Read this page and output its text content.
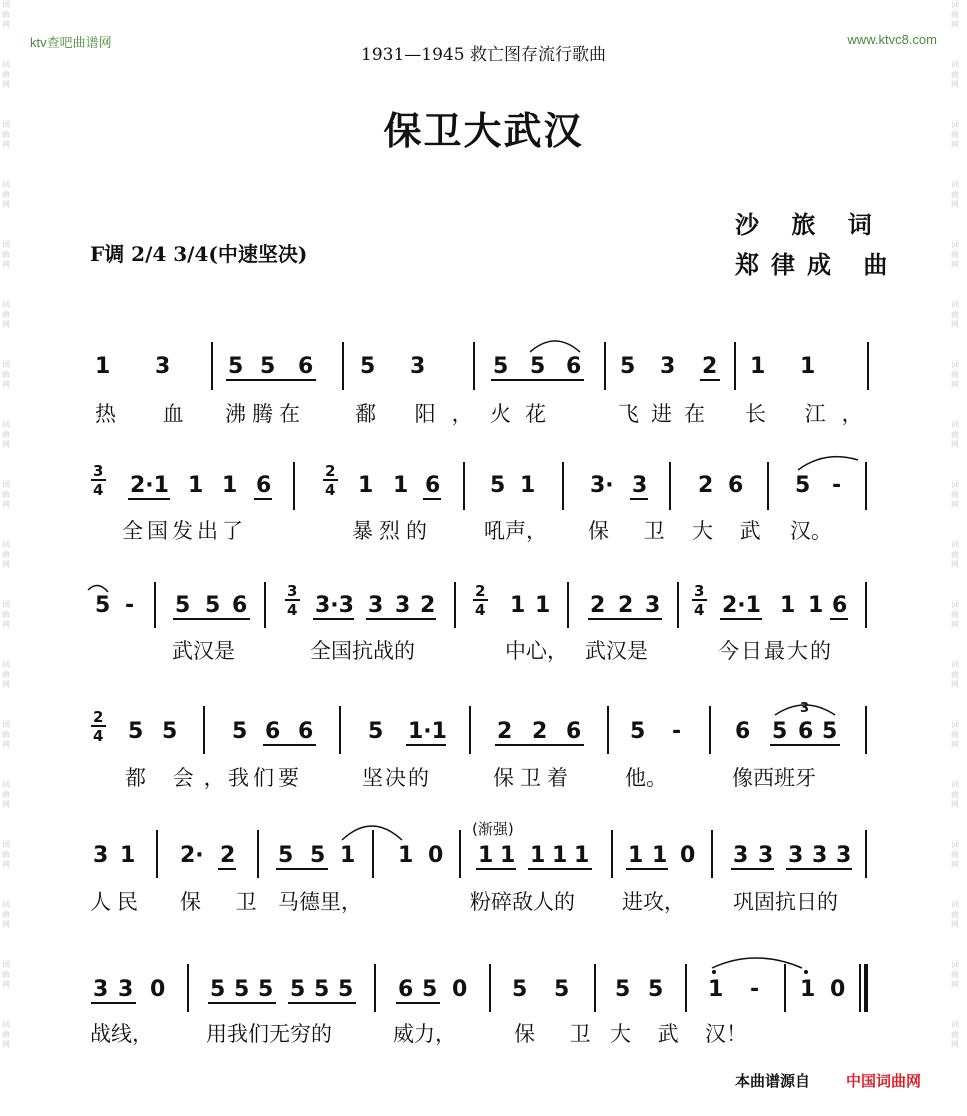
词曲网
词曲网
词曲网
词曲网
词曲网
词曲网
词曲网
词曲网
词曲网
词曲网
词曲网
词曲网
词曲网
词曲网
词曲网
词曲网
词曲网
词曲网
词曲网
词曲网
词曲网
词曲网
词曲网
词曲网
词曲网
词曲网
词曲网
词曲网
词曲网
词曲网
词曲网
词曲网
词曲网
词曲网
词曲网
词曲网
ktv查吧曲谱网	www.ktvc8.com
1931—1945 救亡图存流行歌曲
保卫大武汉
沙 旅 词
郑律成 曲
F调 2/4 3/4(中速坚决)
1 3	5 5 6 5 3	5 5 6 5 3 2 1 1
3
4 2·1 1 1 6
2
4 1 1 6 5 1 3· 3 2 6 5 -
5 - 5 5 6
3
4 3·3 3 3 2
2
4 1 1 2 2 3
3
4 2·1 1 1 6
2
4 5 5 5 6 6 5 1·1 2 2 6 5 - 6 5 6 5
3
3 1 2· 2 5 5 1 1 0 1 1 1 1 1 1 1 0 3 3 3 3 3
3 3 0 5 5 5 5 5 5 6 5 0 5 5 5 5 1 - 1 0
热 血 沸腾在 鄱 阳， 火花	飞进在 长 江，
全国发出了	暴烈的 吼声， 保 卫 大 武 汉。
武汉是	全国抗战的	中心， 武汉是	今日最大的
都 会，
我们要	坚决的	保卫着 他。	像西班牙
(渐强)
人民 保 卫 马德里，	粉碎敌人的 进攻， 巩固抗日的
战线，	用我们无穷的	威力，	保 卫 大 武 汉！
本曲谱源自 中国词曲网
